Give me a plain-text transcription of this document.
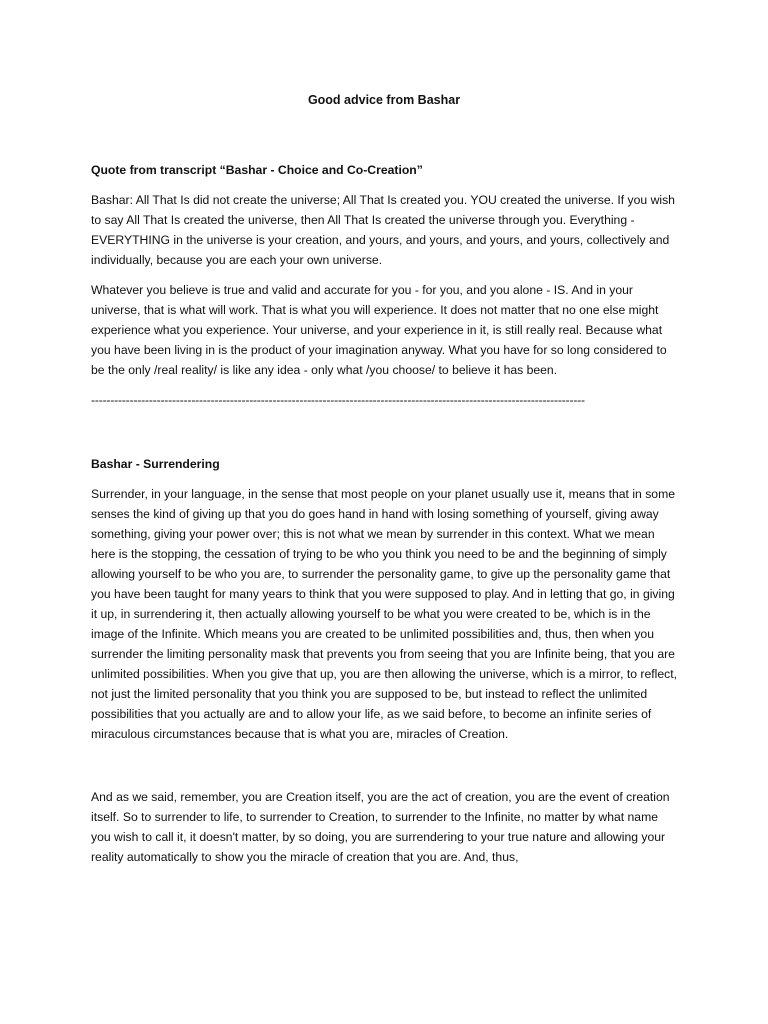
Good advice from Bashar
Quote from transcript “Bashar - Choice and Co-Creation”

Bashar: All That Is did not create the universe; All That Is created you. YOU created the universe. If you wish to say All That Is created the universe, then All That Is created the universe through you. Everything - EVERYTHING in the universe is your creation, and yours, and yours, and yours, and yours, collectively and individually, because you are each your own universe.

Whatever you believe is true and valid and accurate for you - for you, and you alone - IS. And in your universe, that is what will work. That is what you will experience. It does not matter that no one else might experience what you experience. Your universe, and your experience in it, is still really real. Because what you have been living in is the product of your imagination anyway. What you have for so long considered to be the only /real reality/ is like any idea - only what /you choose/ to believe it has been.

--------------------------------------------------------------------------------------------------------------------------------
Bashar - Surrendering

Surrender, in your language, in the sense that most people on your planet usually use it, means that in some senses the kind of giving up that you do goes hand in hand with losing something of yourself, giving away something, giving your power over; this is not what we mean by surrender in this context. What we mean here is the stopping, the cessation of trying to be who you think you need to be and the beginning of simply allowing yourself to be who you are, to surrender the personality game, to give up the personality game that you have been taught for many years to think that you were supposed to play. And in letting that go, in giving it up, in surrendering it, then actually allowing yourself to be what you were created to be, which is in the image of the Infinite. Which means you are created to be unlimited possibilities and, thus, then when you surrender the limiting personality mask that prevents you from seeing that you are Infinite being, that you are unlimited possibilities. When you give that up, you are then allowing the universe, which is a mirror, to reflect, not just the limited personality that you think you are supposed to be, but instead to reflect the unlimited possibilities that you actually are and to allow your life, as we said before, to become an infinite series of miraculous circumstances because that is what you are, miracles of Creation.

And as we said, remember, you are Creation itself, you are the act of creation, you are the event of creation itself. So to surrender to life, to surrender to Creation, to surrender to the Infinite, no matter by what name you wish to call it, it doesn't matter, by so doing, you are surrendering to your true nature and allowing your reality automatically to show you the miracle of creation that you are. And, thus,
